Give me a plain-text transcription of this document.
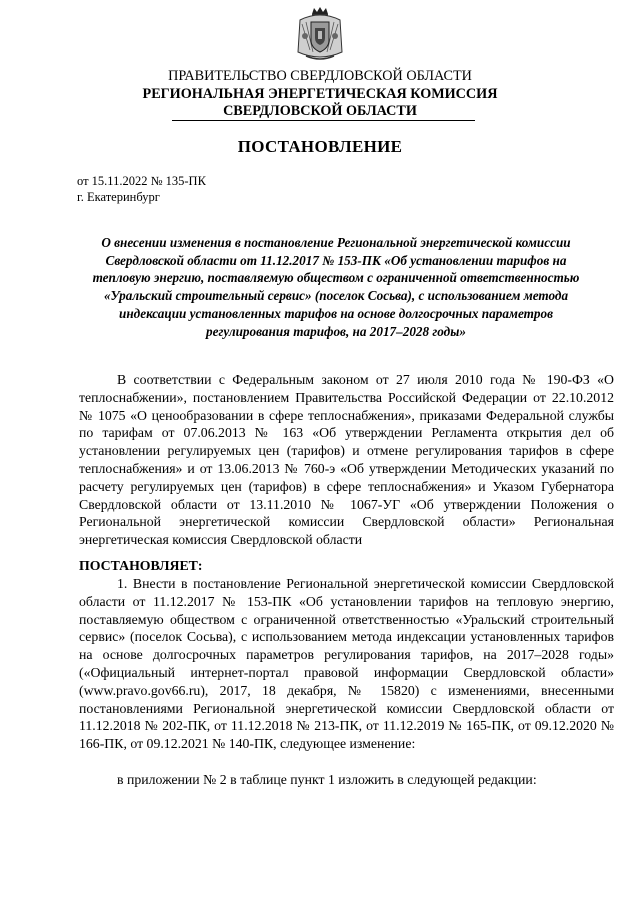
ПРАВИТЕЛЬСТВО СВЕРДЛОВСКОЙ ОБЛАСТИ
РЕГИОНАЛЬНАЯ ЭНЕРГЕТИЧЕСКАЯ КОМИССИЯ
СВЕРДЛОВСКОЙ ОБЛАСТИ
ПОСТАНОВЛЕНИЕ
от 15.11.2022 № 135-ПК
г. Екатеринбург
О внесении изменения в постановление Региональной энергетической комиссии Свердловской области от 11.12.2017 № 153-ПК «Об установлении тарифов на тепловую энергию, поставляемую обществом с ограниченной ответственностью «Уральский строительный сервис» (поселок Сосьва), с использованием метода индексации установленных тарифов на основе долгосрочных параметров регулирования тарифов, на 2017–2028 годы»
В соответствии с Федеральным законом от 27 июля 2010 года № 190-ФЗ «О теплоснабжении», постановлением Правительства Российской Федерации от 22.10.2012 № 1075 «О ценообразовании в сфере теплоснабжения», приказами Федеральной службы по тарифам от 07.06.2013 № 163 «Об утверждении Регламента открытия дел об установлении регулируемых цен (тарифов) и отмене регулирования тарифов в сфере теплоснабжения» и от 13.06.2013 № 760-э «Об утверждении Методических указаний по расчету регулируемых цен (тарифов) в сфере теплоснабжения» и Указом Губернатора Свердловской области от 13.11.2010 № 1067-УГ «Об утверждении Положения о Региональной энергетической комиссии Свердловской области» Региональная энергетическая комиссия Свердловской области
ПОСТАНОВЛЯЕТ:
1. Внести в постановление Региональной энергетической комиссии Свердловской области от 11.12.2017 № 153-ПК «Об установлении тарифов на тепловую энергию, поставляемую обществом с ограниченной ответственностью «Уральский строительный сервис» (поселок Сосьва), с использованием метода индексации установленных тарифов на основе долгосрочных параметров регулирования тарифов, на 2017–2028 годы» («Официальный интернет-портал правовой информации Свердловской области» (www.pravo.gov66.ru), 2017, 18 декабря, № 15820) с изменениями, внесенными постановлениями Региональной энергетической комиссии Свердловской области от 11.12.2018 № 202-ПК, от 11.12.2018 № 213-ПК, от 11.12.2019 № 165-ПК, от 09.12.2020 № 166-ПК, от 09.12.2021 № 140-ПК, следующее изменение:
в приложении № 2 в таблице пункт 1 изложить в следующей редакции:
